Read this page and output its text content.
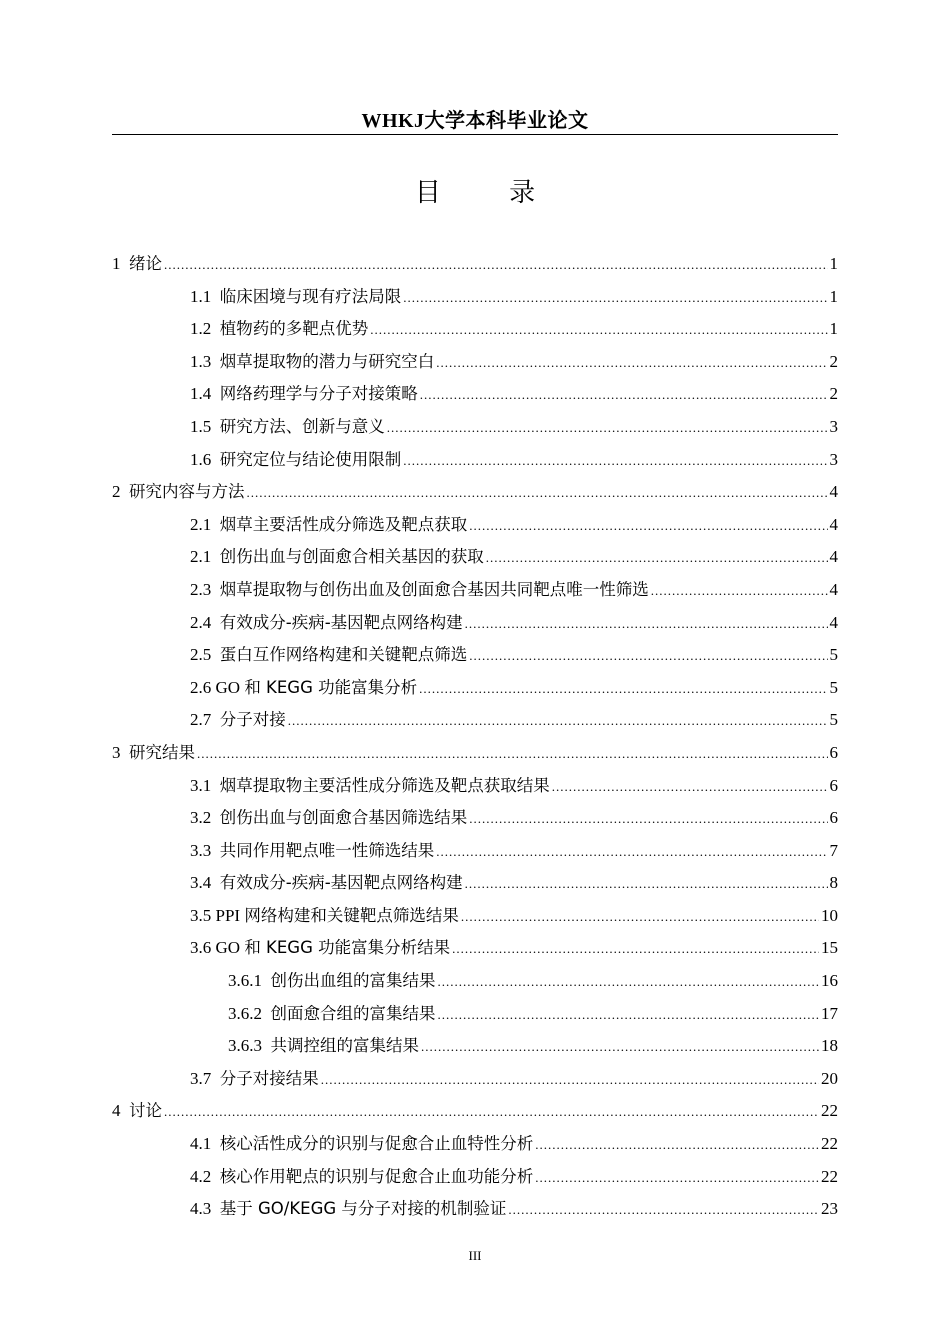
WHKJ大学本科毕业论文
目 录
1 绪论 .....	1
1.1 临床困境与现有疗法局限 .....	1
1.2 植物药的多靶点优势 .....	1
1.3 烟草提取物的潜力与研究空白 .....	2
1.4 网络药理学与分子对接策略 .....	2
1.5 研究方法、创新与意义 .....	3
1.6 研究定位与结论使用限制 .....	3
2 研究内容与方法 .....	4
2.1 烟草主要活性成分筛选及靶点获取 .....	4
2.1 创伤出血与创面愈合相关基因的获取 .....	4
2.3 烟草提取物与创伤出血及创面愈合基因共同靶点唯一性筛选 .....	4
2.4 有效成分-疾病-基因靶点网络构建 .....	4
2.5 蛋白互作网络构建和关键靶点筛选 .....	5
2.6 GO 和 KEGG 功能富集分析 .....	5
2.7 分子对接 .....	5
3 研究结果 .....	6
3.1 烟草提取物主要活性成分筛选及靶点获取结果 .....	6
3.2 创伤出血与创面愈合基因筛选结果 .....	6
3.3 共同作用靶点唯一性筛选结果 .....	7
3.4 有效成分-疾病-基因靶点网络构建 .....	8
3.5 PPI 网络构建和关键靶点筛选结果 .....	10
3.6 GO 和 KEGG 功能富集分析结果 .....	15
3.6.1 创伤出血组的富集结果 .....	16
3.6.2 创面愈合组的富集结果 .....	17
3.6.3 共调控组的富集结果 .....	18
3.7 分子对接结果 .....	20
4 讨论 .....	22
4.1 核心活性成分的识别与促愈合止血特性分析 .....	22
4.2 核心作用靶点的识别与促愈合止血功能分析 .....	22
4.3 基于 GO/KEGG 与分子对接的机制验证 .....	23
III
